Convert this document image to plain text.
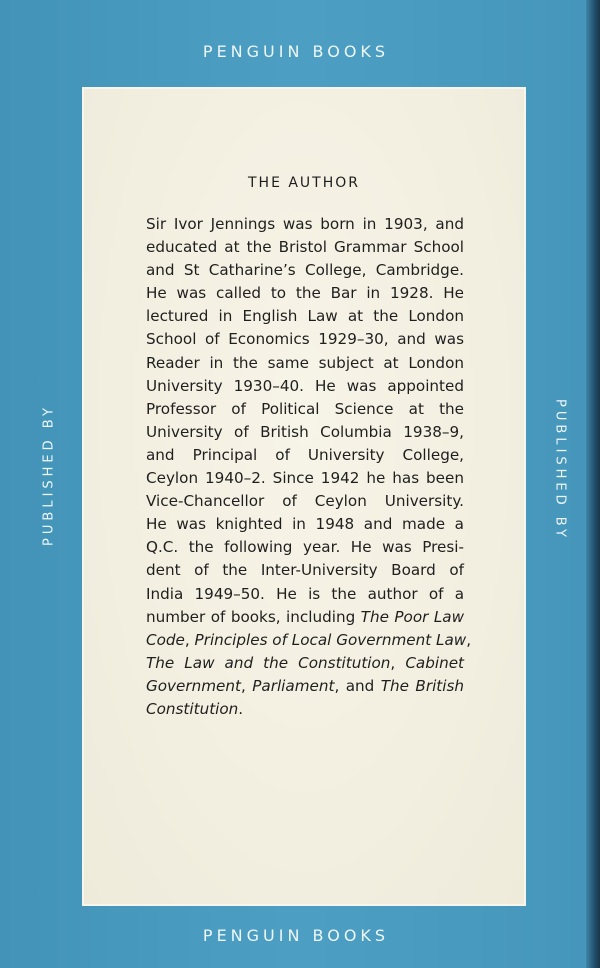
PENGUIN BOOKS
PUBLISHED BY	PUBLISHED BY
THE AUTHOR
Sir Ivor Jennings was born in 1903, and
educated at the Bristol Grammar School
and St Catharine’s College, Cambridge.
He was called to the Bar in 1928. He
lectured in English Law at the London
School of Economics 1929–30, and was
Reader in the same subject at London
University 1930–40. He was appointed
Professor of Political Science at the
University of British Columbia 1938–9,
and Principal of University College,
Ceylon 1940–2. Since 1942 he has been
Vice-Chancellor of Ceylon University.
He was knighted in 1948 and made a
Q.C. the following year. He was Presi-
dent of the Inter-University Board of
India 1949–50. He is the author of a
number of books, including The Poor Law
Code, Principles of Local Government Law,
The Law and the Constitution, Cabinet
Government, Parliament, and The British
Constitution.
PENGUIN BOOKS
